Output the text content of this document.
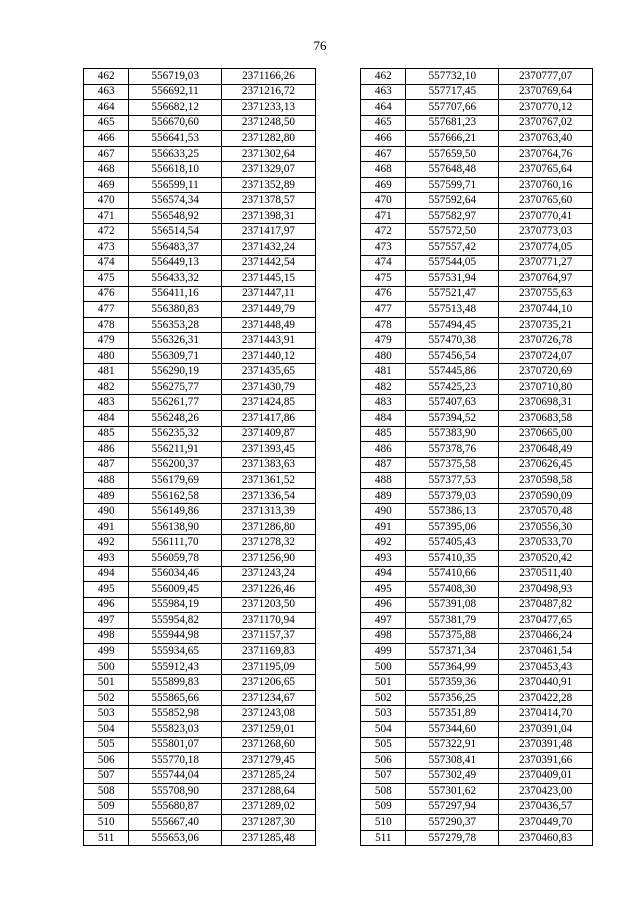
76
462	556719,03	2371166,26		462	557732,10	2370777,07
463	556692,11	2371216,72		463	557717,45	2370769,64
464	556682,12	2371233,13		464	557707,66	2370770,12
465	556670,60	2371248,50		465	557681,23	2370767,02
466	556641,53	2371282,80		466	557666,21	2370763,40
467	556633,25	2371302,64		467	557659,50	2370764,76
468	556618,10	2371329,07		468	557648,48	2370765,64
469	556599,11	2371352,89		469	557599,71	2370760,16
470	556574,34	2371378,57		470	557592,64	2370765,60
471	556548,92	2371398,31		471	557582,97	2370770,41
472	556514,54	2371417,97		472	557572,50	2370773,03
473	556483,37	2371432,24		473	557557,42	2370774,05
474	556449,13	2371442,54		474	557544,05	2370771,27
475	556433,32	2371445,15		475	557531,94	2370764,97
476	556411,16	2371447,11		476	557521,47	2370755,63
477	556380,83	2371449,79		477	557513,48	2370744,10
478	556353,28	2371448,49		478	557494,45	2370735,21
479	556326,31	2371443,91		479	557470,38	2370726,78
480	556309,71	2371440,12		480	557456,54	2370724,07
481	556290,19	2371435,65		481	557445,86	2370720,69
482	556275,77	2371430,79		482	557425,23	2370710,80
483	556261,77	2371424,85		483	557407,63	2370698,31
484	556248,26	2371417,86		484	557394,52	2370683,58
485	556235,32	2371409,87		485	557383,90	2370665,00
486	556211,91	2371393,45		486	557378,76	2370648,49
487	556200,37	2371383,63		487	557375,58	2370626,45
488	556179,69	2371361,52		488	557377,53	2370598,58
489	556162,58	2371336,54		489	557379,03	2370590,09
490	556149,86	2371313,39		490	557386,13	2370570,48
491	556138,90	2371286,80		491	557395,06	2370556,30
492	556111,70	2371278,32		492	557405,43	2370533,70
493	556059,78	2371256,90		493	557410,35	2370520,42
494	556034,46	2371243,24		494	557410,66	2370511,40
495	556009,45	2371226,46		495	557408,30	2370498,93
496	555984,19	2371203,50		496	557391,08	2370487,82
497	555954,82	2371170,94		497	557381,79	2370477,65
498	555944,98	2371157,37		498	557375,88	2370466,24
499	555934,65	2371169,83		499	557371,34	2370461,54
500	555912,43	2371195,09		500	557364,99	2370453,43
501	555899,83	2371206,65		501	557359,36	2370440,91
502	555865,66	2371234,67		502	557356,25	2370422,28
503	555852,98	2371243,08		503	557351,89	2370414,70
504	555823,03	2371259,01		504	557344,60	2370391,04
505	555801,07	2371268,60		505	557322,91	2370391,48
506	555770,18	2371279,45		506	557308,41	2370391,66
507	555744,04	2371285,24		507	557302,49	2370409,01
508	555708,90	2371288,64		508	557301,62	2370423,00
509	555680,87	2371289,02		509	557297,94	2370436,57
510	555667,40	2371287,30		510	557290,37	2370449,70
511	555653,06	2371285,48		511	557279,78	2370460,83
